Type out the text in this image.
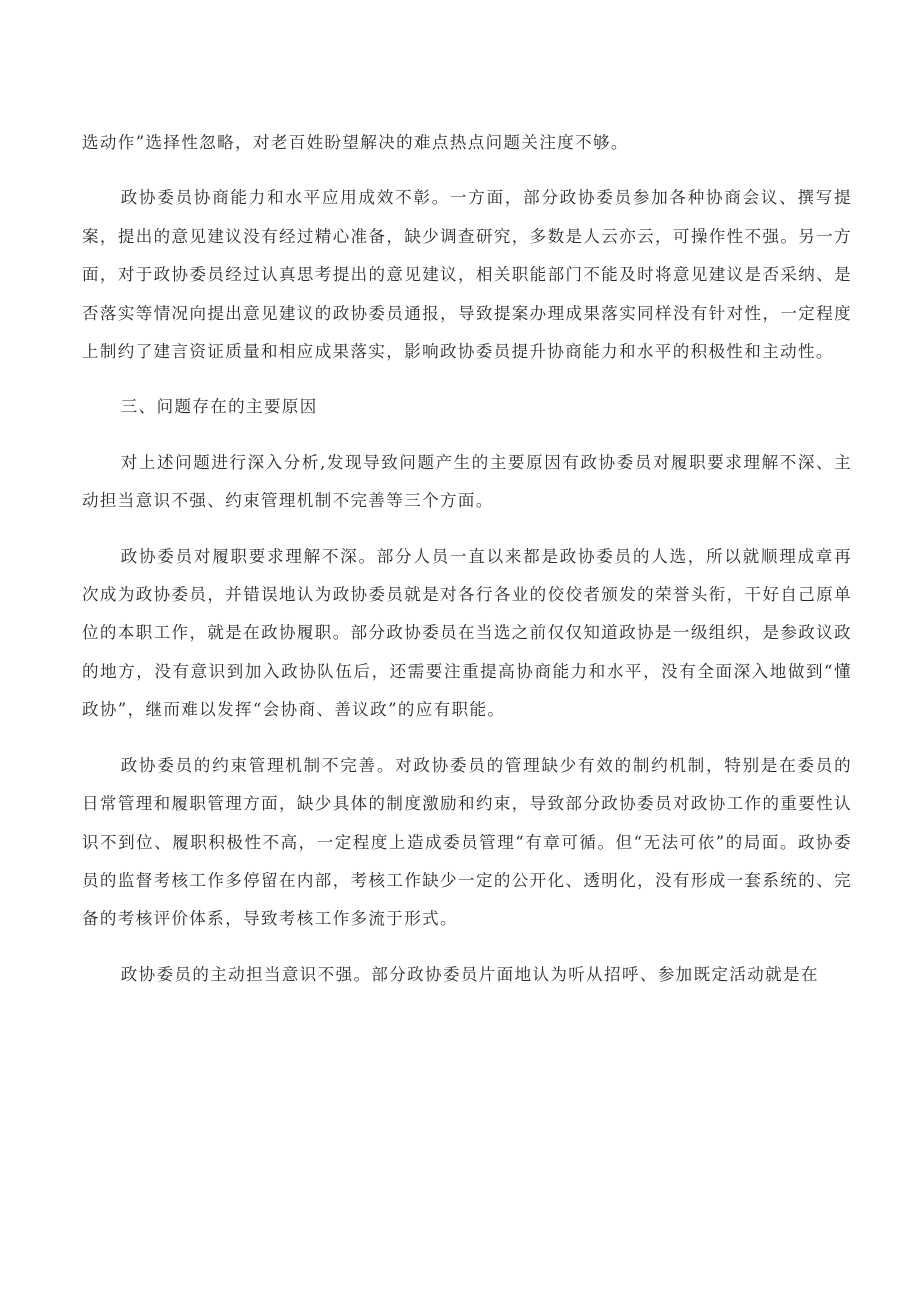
选动作”选择性忽略，对老百姓盼望解决的难点热点问题关注度不够。

政协委员协商能力和水平应用成效不彰。一方面，部分政协委员参加各种协商会议、撰写提案，提出的意见建议没有经过精心准备，缺少调查研究，多数是人云亦云，可操作性不强。另一方面，对于政协委员经过认真思考提出的意见建议，相关职能部门不能及时将意见建议是否采纳、是否落实等情况向提出意见建议的政协委员通报，导致提案办理成果落实同样没有针对性，一定程度上制约了建言资证质量和相应成果落实，影响政协委员提升协商能力和水平的积极性和主动性。

三、问题存在的主要原因

对上述问题进行深入分析,发现导致问题产生的主要原因有政协委员对履职要求理解不深、主动担当意识不强、约束管理机制不完善等三个方面。

政协委员对履职要求理解不深。部分人员一直以来都是政协委员的人选，所以就顺理成章再次成为政协委员，并错误地认为政协委员就是对各行各业的佼佼者颁发的荣誉头衔，干好自己原单位的本职工作，就是在政协履职。部分政协委员在当选之前仅仅知道政协是一级组织，是参政议政的地方，没有意识到加入政协队伍后，还需要注重提高协商能力和水平，没有全面深入地做到“懂政协”，继而难以发挥“会协商、善议政”的应有职能。

政协委员的约束管理机制不完善。对政协委员的管理缺少有效的制约机制，特别是在委员的日常管理和履职管理方面，缺少具体的制度激励和约束，导致部分政协委员对政协工作的重要性认识不到位、履职积极性不高，一定程度上造成委员管理“有章可循。但“无法可依”的局面。政协委员的监督考核工作多停留在内部，考核工作缺少一定的公开化、透明化，没有形成一套系统的、完备的考核评价体系，导致考核工作多流于形式。

政协委员的主动担当意识不强。部分政协委员片面地认为听从招呼、参加既定活动就是在
